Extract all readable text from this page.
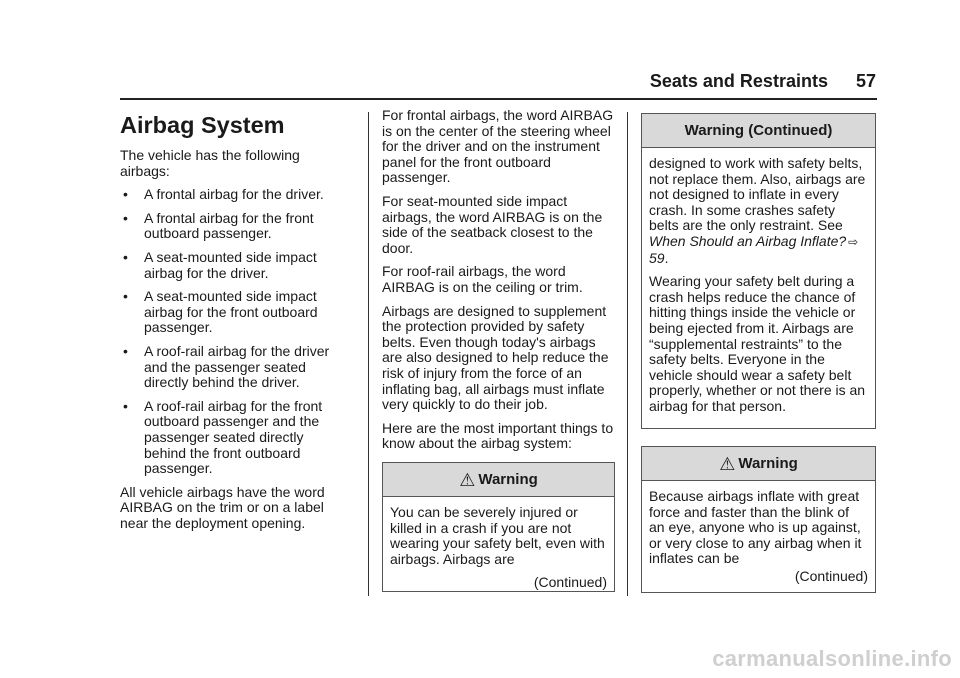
Seats and Restraints 57
Airbag System

The vehicle has the following airbags:

• A frontal airbag for the driver.
• A frontal airbag for the front outboard passenger.
• A seat-mounted side impact airbag for the driver.
• A seat-mounted side impact airbag for the front outboard passenger.
• A roof-rail airbag for the driver and the passenger seated directly behind the driver.
• A roof-rail airbag for the front outboard passenger and the passenger seated directly behind the front outboard passenger.

All vehicle airbags have the word AIRBAG on the trim or on a label near the deployment opening.

For frontal airbags, the word AIRBAG is on the center of the steering wheel for the driver and on the instrument panel for the front outboard passenger.

For seat-mounted side impact airbags, the word AIRBAG is on the side of the seatback closest to the door.

For roof-rail airbags, the word AIRBAG is on the ceiling or trim.

Airbags are designed to supplement the protection provided by safety belts. Even though today's airbags are also designed to help reduce the risk of injury from the force of an inflating bag, all airbags must inflate very quickly to do their job.

Here are the most important things to know about the airbag system:

⚠ Warning

You can be severely injured or killed in a crash if you are not wearing your safety belt, even with airbags. Airbags are

(Continued)

Warning (Continued)

designed to work with safety belts, not replace them. Also, airbags are not designed to inflate in every crash. In some crashes safety belts are the only restraint. See When Should an Airbag Inflate? ⇨59.

Wearing your safety belt during a crash helps reduce the chance of hitting things inside the vehicle or being ejected from it. Airbags are “supplemental restraints” to the safety belts. Everyone in the vehicle should wear a safety belt properly, whether or not there is an airbag for that person.

⚠ Warning

Because airbags inflate with great force and faster than the blink of an eye, anyone who is up against, or very close to any airbag when it inflates can be

(Continued)

carmanualsonline.info
